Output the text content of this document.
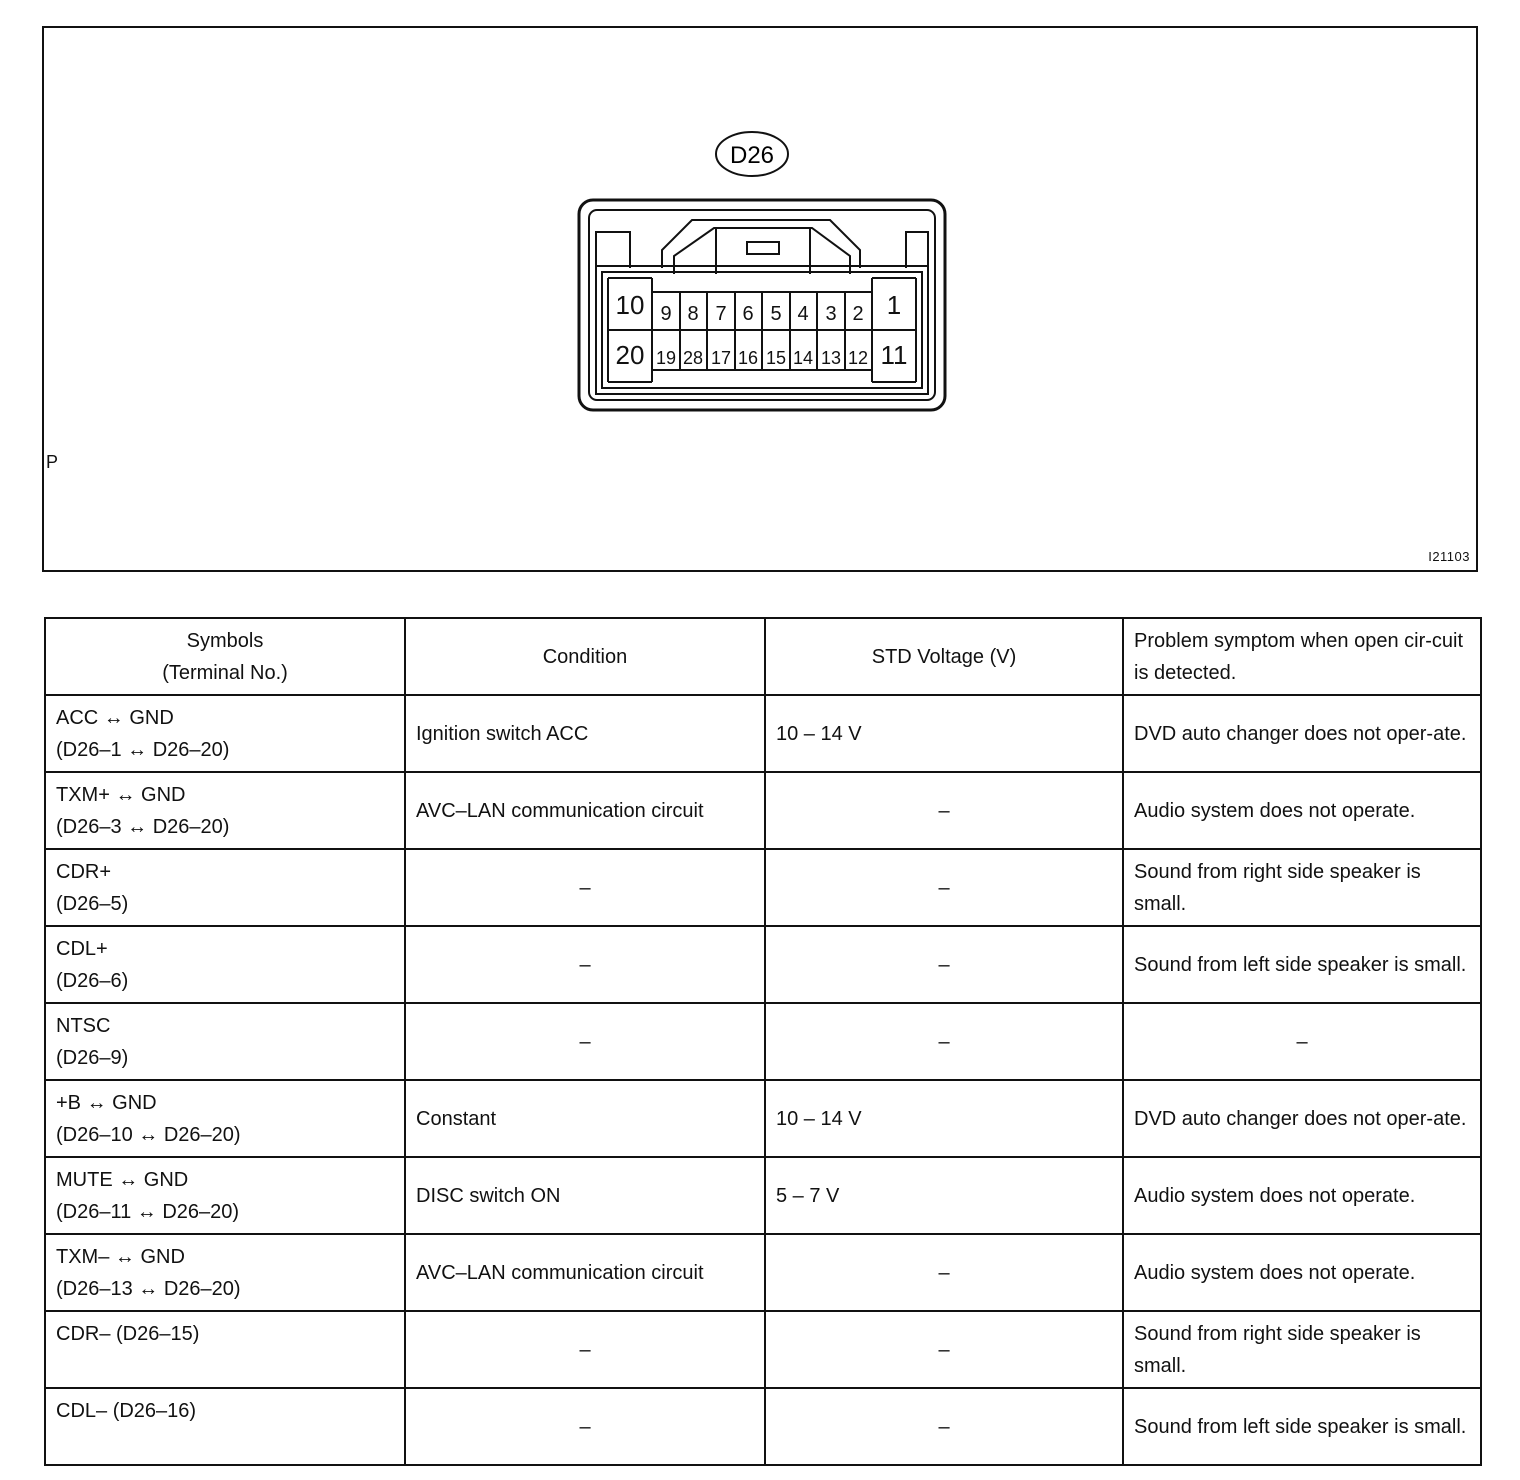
D26
10 9 8 7 6 5 4 3 2 1
20 19 28 17 16 15 14 13 12 11
P
I21103
Symbols
(Terminal No.)	Condition	STD Voltage (V)	Problem symptom when open cir-cuit is detected.

ACC ↔ GND
(D26–1 ↔ D26–20)	Ignition switch ACC	10 – 14 V	DVD auto changer does not oper-ate.

TXM+ ↔ GND
(D26–3 ↔ D26–20)	AVC–LAN communication circuit	–	Audio system does not operate.

CDR+
(D26–5)	–	–	Sound from right side speaker is small.

CDL+
(D26–6)	–	–	Sound from left side speaker is small.

NTSC
(D26–9)	–	–	–

+B ↔ GND
(D26–10 ↔ D26–20)	Constant	10 – 14 V	DVD auto changer does not oper-ate.

MUTE ↔ GND
(D26–11 ↔ D26–20)	DISC switch ON	5 – 7 V	Audio system does not operate.

TXM– ↔ GND
(D26–13 ↔ D26–20)	AVC–LAN communication circuit	–	Audio system does not operate.

CDR– (D26–15)	–	–	Sound from right side speaker is small.

CDL– (D26–16)	–	–	Sound from left side speaker is small.
